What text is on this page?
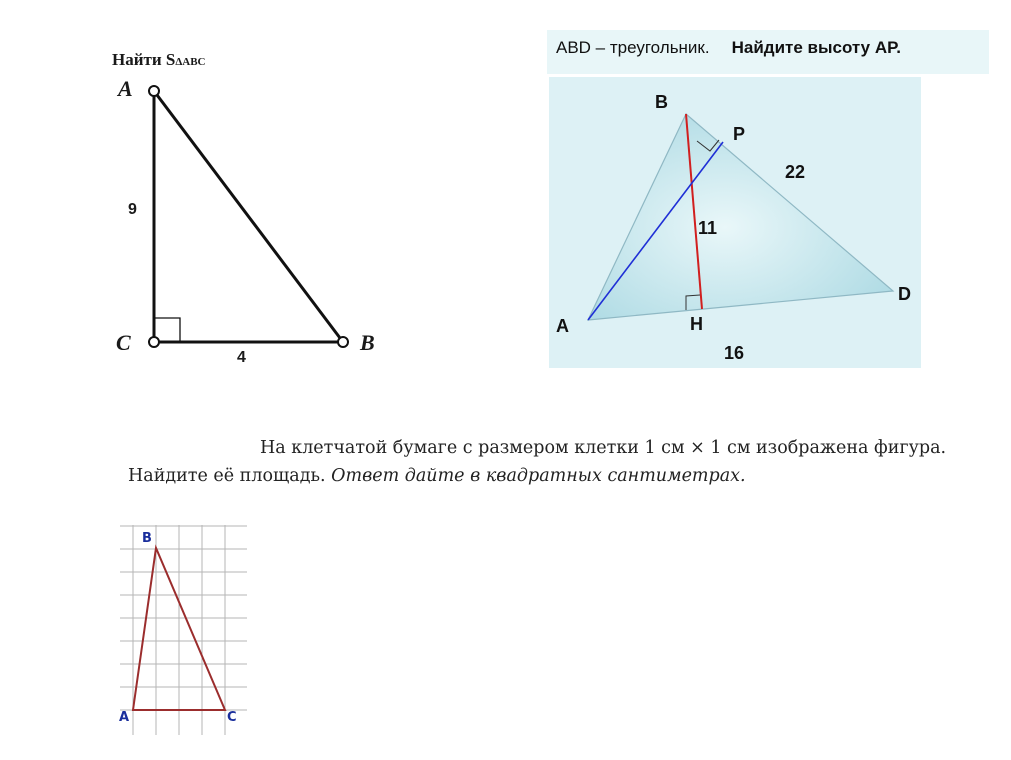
Найти SΔABC
A
C	B
9
4
ABD – треугольник. Найдите высоту AP.
B
P
22
11
D
A	H
16
На клетчатой бумаге с размером клетки 1 см × 1 см изображена фигура. Найдите её площадь. Ответ дайте в квадратных сантиметрах.
B
A	C
